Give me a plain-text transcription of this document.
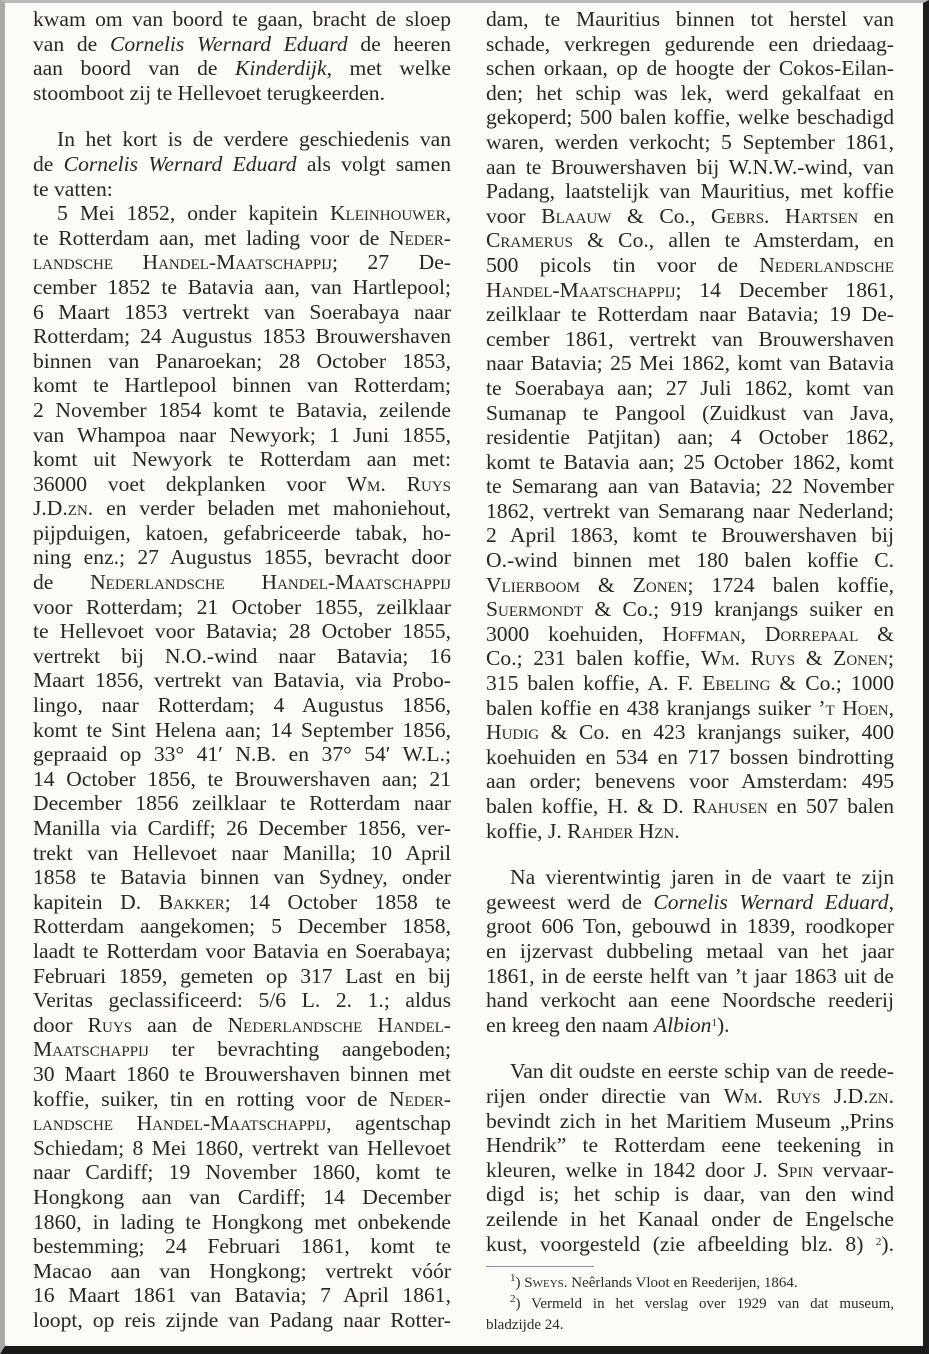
kwam om van boord te gaan, bracht de sloep
van de Cornelis Wernard Eduard de heeren
aan boord van de Kinderdijk, met welke
stoomboot zij te Hellevoet terugkeerden.
In het kort is de verdere geschiedenis van
de Cornelis Wernard Eduard als volgt samen
te vatten:
5 Mei 1852, onder kapitein Kleinhouwer,
te Rotterdam aan, met lading voor de Neder-
landsche Handel-Maatschappij; 27 De-
cember 1852 te Batavia aan, van Hartlepool;
6 Maart 1853 vertrekt van Soerabaya naar
Rotterdam; 24 Augustus 1853 Brouwershaven
binnen van Panaroekan; 28 October 1853,
komt te Hartlepool binnen van Rotterdam;
2 November 1854 komt te Batavia, zeilende
van Whampoa naar Newyork; 1 Juni 1855,
komt uit Newyork te Rotterdam aan met:
36000 voet dekplanken voor Wm. Ruys
J.D.zn. en verder beladen met mahoniehout,
pijpduigen, katoen, gefabriceerde tabak, ho-
ning enz.; 27 Augustus 1855, bevracht door
de Nederlandsche Handel-Maatschappij
voor Rotterdam; 21 October 1855, zeilklaar
te Hellevoet voor Batavia; 28 October 1855,
vertrekt bij N.O.-wind naar Batavia; 16
Maart 1856, vertrekt van Batavia, via Probo-
lingo, naar Rotterdam; 4 Augustus 1856,
komt te Sint Helena aan; 14 September 1856,
gepraaid op 33° 41′ N.B. en 37° 54′ W.L.;
14 October 1856, te Brouwershaven aan; 21
December 1856 zeilklaar te Rotterdam naar
Manilla via Cardiff; 26 December 1856, ver-
trekt van Hellevoet naar Manilla; 10 April
1858 te Batavia binnen van Sydney, onder
kapitein D. Bakker; 14 October 1858 te
Rotterdam aangekomen; 5 December 1858,
laadt te Rotterdam voor Batavia en Soerabaya;
Februari 1859, gemeten op 317 Last en bij
Veritas geclassificeerd: 5/6 L. 2. 1.; aldus
door Ruys aan de Nederlandsche Handel-
Maatschappij ter bevrachting aangeboden;
30 Maart 1860 te Brouwershaven binnen met
koffie, suiker, tin en rotting voor de Neder-
landsche Handel-Maatschappij, agentschap
Schiedam; 8 Mei 1860, vertrekt van Hellevoet
naar Cardiff; 19 November 1860, komt te
Hongkong aan van Cardiff; 14 December
1860, in lading te Hongkong met onbekende
bestemming; 24 Februari 1861, komt te
Macao aan van Hongkong; vertrekt vóór
16 Maart 1861 van Batavia; 7 April 1861,
loopt, op reis zijnde van Padang naar Rotter-
dam, te Mauritius binnen tot herstel van
schade, verkregen gedurende een driedaag-
schen orkaan, op de hoogte der Cokos-Eilan-
den; het schip was lek, werd gekalfaat en
gekoperd; 500 balen koffie, welke beschadigd
waren, werden verkocht; 5 September 1861,
aan te Brouwershaven bij W.N.W.-wind, van
Padang, laatstelijk van Mauritius, met koffie
voor Blaauw & Co., Gebrs. Hartsen en
Cramerus & Co., allen te Amsterdam, en
500 picols tin voor de Nederlandsche
Handel-Maatschappij; 14 December 1861,
zeilklaar te Rotterdam naar Batavia; 19 De-
cember 1861, vertrekt van Brouwershaven
naar Batavia; 25 Mei 1862, komt van Batavia
te Soerabaya aan; 27 Juli 1862, komt van
Sumanap te Pangool (Zuidkust van Java,
residentie Patjitan) aan; 4 October 1862,
komt te Batavia aan; 25 October 1862, komt
te Semarang aan van Batavia; 22 November
1862, vertrekt van Semarang naar Nederland;
2 April 1863, komt te Brouwershaven bij
O.-wind binnen met 180 balen koffie C.
Vlierboom & Zonen; 1724 balen koffie,
Suermondt & Co.; 919 kranjangs suiker en
3000 koehuiden, Hoffman, Dorrepaal &
Co.; 231 balen koffie, Wm. Ruys & Zonen;
315 balen koffie, A. F. Ebeling & Co.; 1000
balen koffie en 438 kranjangs suiker ’t Hoen,
Hudig & Co. en 423 kranjangs suiker, 400
koehuiden en 534 en 717 bossen bindrotting
aan order; benevens voor Amsterdam: 495
balen koffie, H. & D. Rahusen en 507 balen
koffie, J. Rahder Hzn.
Na vierentwintig jaren in de vaart te zijn
geweest werd de Cornelis Wernard Eduard,
groot 606 Ton, gebouwd in 1839, roodkoper
en ijzervast dubbeling metaal van het jaar
1861, in de eerste helft van ’t jaar 1863 uit de
hand verkocht aan eene Noordsche reederij
en kreeg den naam Albion$^1$).
Van dit oudste en eerste schip van de reede-
rijen onder directie van Wm. Ruys J.D.zn.
bevindt zich in het Maritiem Museum „Prins
Hendrik” te Rotterdam eene teekening in
kleuren, welke in 1842 door J. Spin vervaar-
digd is; het schip is daar, van den wind
zeilende in het Kanaal onder de Engelsche
kust, voorgesteld (zie afbeelding blz. 8) $^2$).
$^1$) Sweys. Neêrlands Vloot en Reederijen, 1864.
$^2$) Vermeld in het verslag over 1929 van dat museum,
bladzijde 24.
